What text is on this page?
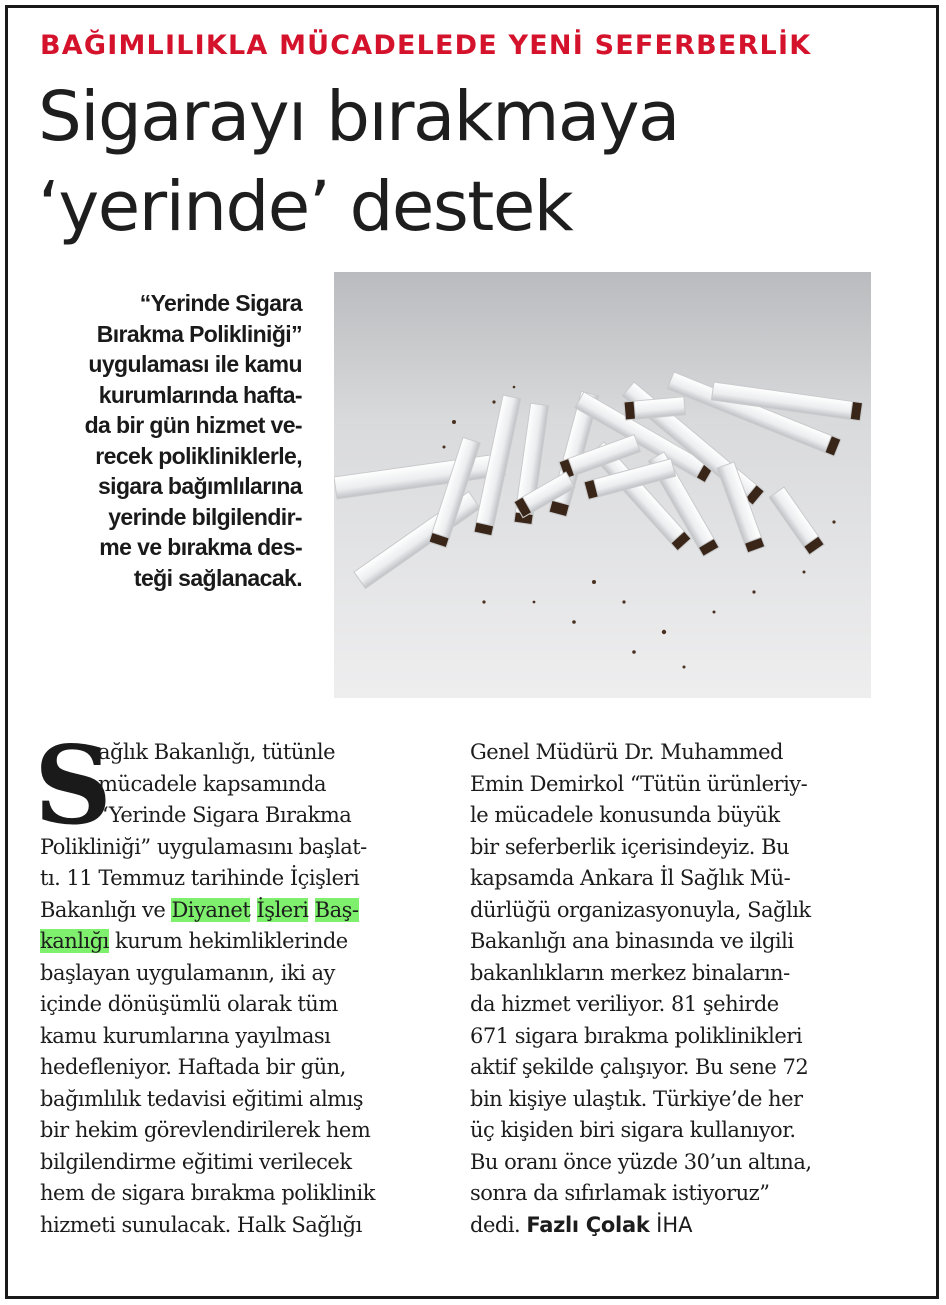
BAĞIMLILIKLA MÜCADELEDE YENİ SEFERBERLİK
Sigarayı bırakmaya
‘yerinde’ destek
“Yerinde Sigara
Bırakma Polikliniği”
uygulaması ile kamu
kurumlarında hafta-
da bir gün hizmet ve-
recek polikliniklerle,
sigara bağımlılarına
yerinde bilgilendir-
me ve bırakma des-
teği sağlanacak.
S
ağlık Bakanlığı, tütünle
mücadele kapsamında
“Yerinde Sigara Bırakma
Polikliniği” uygulamasını başlat-
tı. 11 Temmuz tarihinde İçişleri
Bakanlığı ve Diyanet İşleri Baş-
kanlığı kurum hekimliklerinde
başlayan uygulamanın, iki ay
içinde dönüşümlü olarak tüm
kamu kurumlarına yayılması
hedefleniyor. Haftada bir gün,
bağımlılık tedavisi eğitimi almış
bir hekim görevlendirilerek hem
bilgilendirme eğitimi verilecek
hem de sigara bırakma poliklinik
hizmeti sunulacak. Halk Sağlığı
Genel Müdürü Dr. Muhammed
Emin Demirkol “Tütün ürünleriy-
le mücadele konusunda büyük
bir seferberlik içerisindeyiz. Bu
kapsamda Ankara İl Sağlık Mü-
dürlüğü organizasyonuyla, Sağlık
Bakanlığı ana binasında ve ilgili
bakanlıkların merkez binaların-
da hizmet veriliyor. 81 şehirde
671 sigara bırakma poliklinikleri
aktif şekilde çalışıyor. Bu sene 72
bin kişiye ulaştık. Türkiye’de her
üç kişiden biri sigara kullanıyor.
Bu oranı önce yüzde 30’un altına,
sonra da sıfırlamak istiyoruz”
dedi. Fazlı Çolak İHA
